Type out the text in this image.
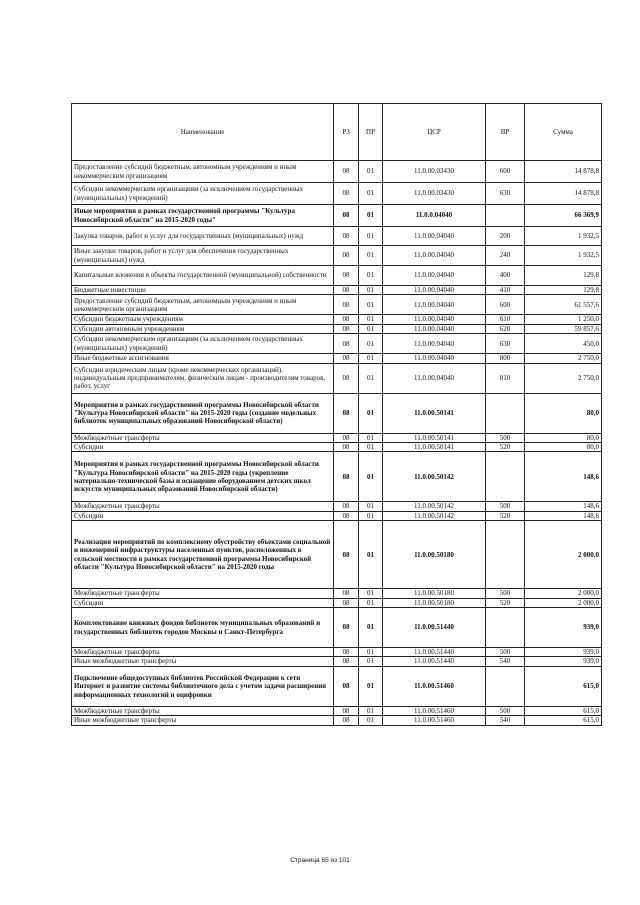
Наименование	РЗ	ПР	ЦСР	ВР	Сумма
Предоставление субсидий бюджетным, автономным учреждениям и иным некоммерческим организациям	08	01	11.0.00.03430	600	14 878,8
Субсидии некоммерческим организациям (за исключением государственных (муниципальных) учреждений)	08	01	11.0.00.03430	630	14 878,8
Иные мероприятия в рамках государственной программы "Культура Новосибирской области" на 2015-2020 годы"	08	01	11.0.0.04040		66 369,9
Закупка товаров, работ и услуг для государственных (муниципальных) нужд	08	01	11.0.00.04040	200	1 932,5
Иные закупки товаров, работ и услуг для обеспечения государственных (муниципальных) нужд	08	01	11.0.00.04040	240	1 932,5
Капитальные вложения в объекты государственной (муниципальной) собственности	08	01	11.0.00.04040	400	129,8
Бюджетные инвестиции	08	01	11.0.00.04040	410	129,8
Предоставление субсидий бюджетным, автономным учреждениям и иным некоммерческим организациям	08	01	11.0.00.04040	600	61 557,6
Субсидии бюджетным учреждениям	08	01	11.0.00.04040	610	1 250,0
Субсидии автономным учреждениям	08	01	11.0.00.04040	620	59 857,6
Субсидии некоммерческим организациям (за исключением государственных (муниципальных) учреждений)	08	01	11.0.00.04040	630	450,0
Иные бюджетные ассигнования	08	01	11.0.00.04040	800	2 750,0
Субсидии юридическим лицам (кроме некоммерческих организаций), индивидуальным предпринимателям, физическим лицам - производителям товаров, работ, услуг	08	01	11.0.00.04040	810	2 750,0
Мероприятия в рамках государственной программы Новосибирской области "Культура Новосибирской области" на 2015-2020 годы (создание модельных библиотек муниципальных образований Новосибирской области)	08	01	11.0.00.50141		80,0
Межбюджетные трансферты	08	01	11.0.00.50141	500	80,0
Субсидии	08	01	11.0.00.50141	520	80,0
Мероприятия в рамках государственной программы Новосибирской области "Культура Новосибирской области" на 2015-2020 годы (укрепление материально-технической базы и оснащение оборудованием детских школ искусств муниципальных образований Новосибирской области)	08	01	11.0.00.50142		148,6
Межбюджетные трансферты	08	01	11.0.00.50142	500	148,6
Субсидии	08	01	11.0.00.50142	520	148,6
Реализация мероприятий по комплексному обустройству объектами социальной и инженерной инфраструктуры населенных пунктов, расположенных в сельской местности в рамках государственной программы Новосибирской области "Культура Новосибирской области" на 2015-2020 годы	08	01	11.0.00.50180		2 000,0
Межбюджетные трансферты	08	01	11.0.00.50180	500	2 000,0
Субсидии	08	01	11.0.00.50180	520	2 000,0
Комплектование книжных фондов библиотек муниципальных образований и государственных библиотек городов Москвы и Санкт-Петербурга	08	01	11.0.00.51440		939,0
Межбюджетные трансферты	08	01	11.0.00.51440	500	939,0
Иные межбюджетные трансферты	08	01	11.0.00.51440	540	939,0
Подключение общедоступных библиотек Российской Федерации к сети Интернет и развитие системы библиотечного дела с учетом задачи расширения информационных технологий и оцифровки	08	01	11.0.00.51460		615,0
Межбюджетные трансферты	08	01	11.0.00.51460	500	615,0
Иные межбюджетные трансферты	08	01	11.0.00.51460	540	615,0
Страница 65 из 101
